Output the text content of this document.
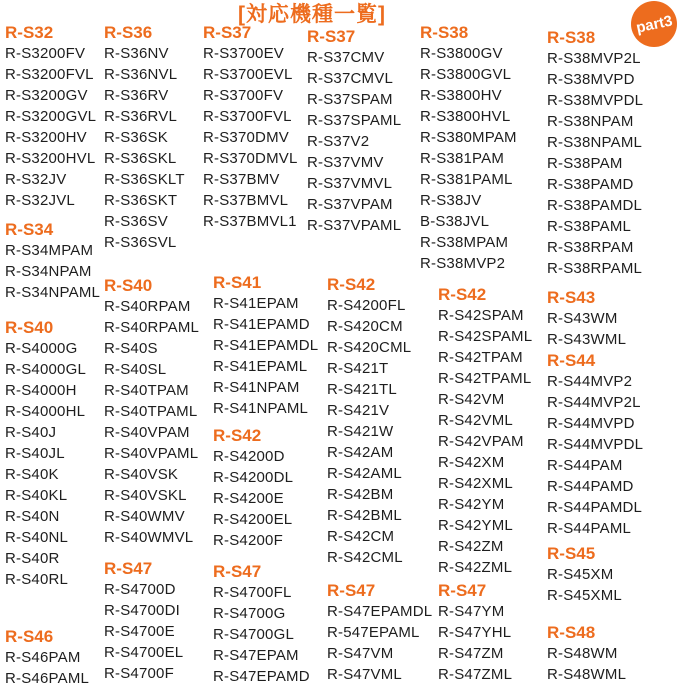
[対応機種一覧]	part3
R-S32
R-S3200FV
R-S3200FVL
R-S3200GV
R-S3200GVL
R-S3200HV
R-S3200HVL
R-S32JV
R-S32JVL
R-S34
R-S34MPAM
R-S34NPAM
R-S34NPAML
R-S40
R-S4000G
R-S4000GL
R-S4000H
R-S4000HL
R-S40J
R-S40JL
R-S40K
R-S40KL
R-S40N
R-S40NL
R-S40R
R-S40RL
R-S46
R-S46PAM
R-S46PAML
R-S36
R-S36NV
R-S36NVL
R-S36RV
R-S36RVL
R-S36SK
R-S36SKL
R-S36SKLT
R-S36SKT
R-S36SV
R-S36SVL
R-S40
R-S40RPAM
R-S40RPAML
R-S40S
R-S40SL
R-S40TPAM
R-S40TPAML
R-S40VPAM
R-S40VPAML
R-S40VSK
R-S40VSKL
R-S40WMV
R-S40WMVL
R-S47
R-S4700D
R-S4700DI
R-S4700E
R-S4700EL
R-S4700F
R-S37
R-S3700EV
R-S3700EVL
R-S3700FV
R-S3700FVL
R-S370DMV
R-S370DMVL
R-S37BMV
R-S37BMVL
R-S37BMVL1
R-S41
R-S41EPAM
R-S41EPAMD
R-S41EPAMDL
R-S41EPAML
R-S41NPAM
R-S41NPAML
R-S42
R-S4200D
R-S4200DL
R-S4200E
R-S4200EL
R-S4200F
R-S47
R-S4700FL
R-S4700G
R-S4700GL
R-S47EPAM
R-S47EPAMD
R-S37
R-S37CMV
R-S37CMVL
R-S37SPAM
R-S37SPAML
R-S37V2
R-S37VMV
R-S37VMVL
R-S37VPAM
R-S37VPAML
R-S42
R-S4200FL
R-S420CM
R-S420CML
R-S421T
R-S421TL
R-S421V
R-S421W
R-S42AM
R-S42AML
R-S42BM
R-S42BML
R-S42CM
R-S42CML
R-S47
R-S47EPAMDL
R-547EPAML
R-S47VM
R-S47VML
R-S38
R-S3800GV
R-S3800GVL
R-S3800HV
R-S3800HVL
R-S380MPAM
R-S381PAM
R-S381PAML
R-S38JV
B-S38JVL
R-S38MPAM
R-S38MVP2
R-S42
R-S42SPAM
R-S42SPAML
R-S42TPAM
R-S42TPAML
R-S42VM
R-S42VML
R-S42VPAM
R-S42XM
R-S42XML
R-S42YM
R-S42YML
R-S42ZM
R-S42ZML
R-S47
R-S47YM
R-S47YHL
R-S47ZM
R-S47ZML
R-S38
R-S38MVP2L
R-S38MVPD
R-S38MVPDL
R-S38NPAM
R-S38NPAML
R-S38PAM
R-S38PAMD
R-S38PAMDL
R-S38PAML
R-S38RPAM
R-S38RPAML
R-S43
R-S43WM
R-S43WML
R-S44
R-S44MVP2
R-S44MVP2L
R-S44MVPD
R-S44MVPDL
R-S44PAM
R-S44PAMD
R-S44PAMDL
R-S44PAML
R-S45
R-S45XM
R-S45XML
R-S48
R-S48WM
R-S48WML
